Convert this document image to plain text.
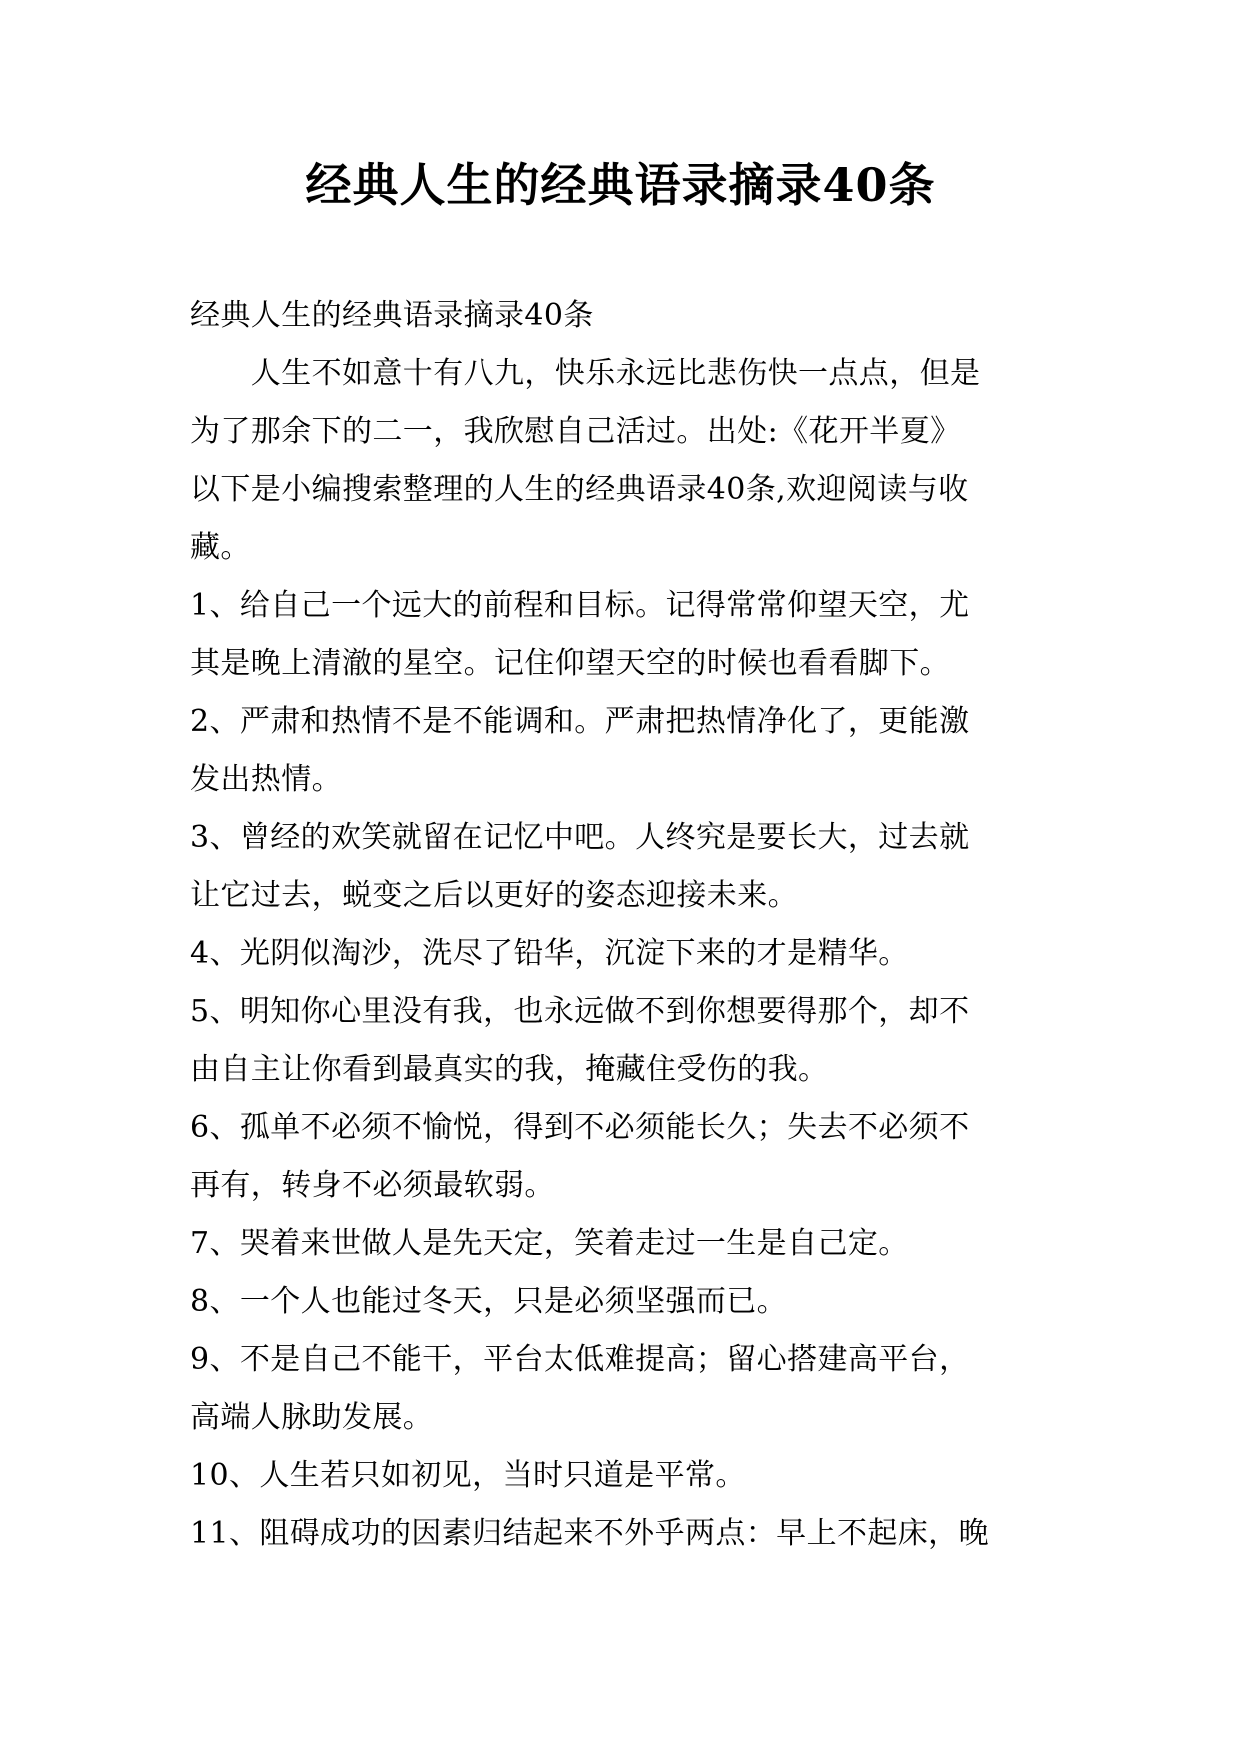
经典人生的经典语录摘录40条
经典人生的经典语录摘录40条
　　人生不如意十有八九，快乐永远比悲伤快一点点，但是
为了那余下的二一，我欣慰自己活过。出处:《花开半夏》
以下是小编搜索整理的人生的经典语录40条,欢迎阅读与收
藏。
1、给自己一个远大的前程和目标。记得常常仰望天空，尤
其是晚上清澈的星空。记住仰望天空的时候也看看脚下。
2、严肃和热情不是不能调和。严肃把热情净化了，更能激
发出热情。
3、曾经的欢笑就留在记忆中吧。人终究是要长大，过去就
让它过去，蜕变之后以更好的姿态迎接未来。
4、光阴似淘沙，洗尽了铅华，沉淀下来的才是精华。
5、明知你心里没有我，也永远做不到你想要得那个，却不
由自主让你看到最真实的我，掩藏住受伤的我。
6、孤单不必须不愉悦，得到不必须能长久；失去不必须不
再有，转身不必须最软弱。
7、哭着来世做人是先天定，笑着走过一生是自己定。
8、一个人也能过冬天，只是必须坚强而已。
9、不是自己不能干，平台太低难提高；留心搭建高平台，
高端人脉助发展。
10、人生若只如初见，当时只道是平常。
11、阻碍成功的因素归结起来不外乎两点：早上不起床，晚
